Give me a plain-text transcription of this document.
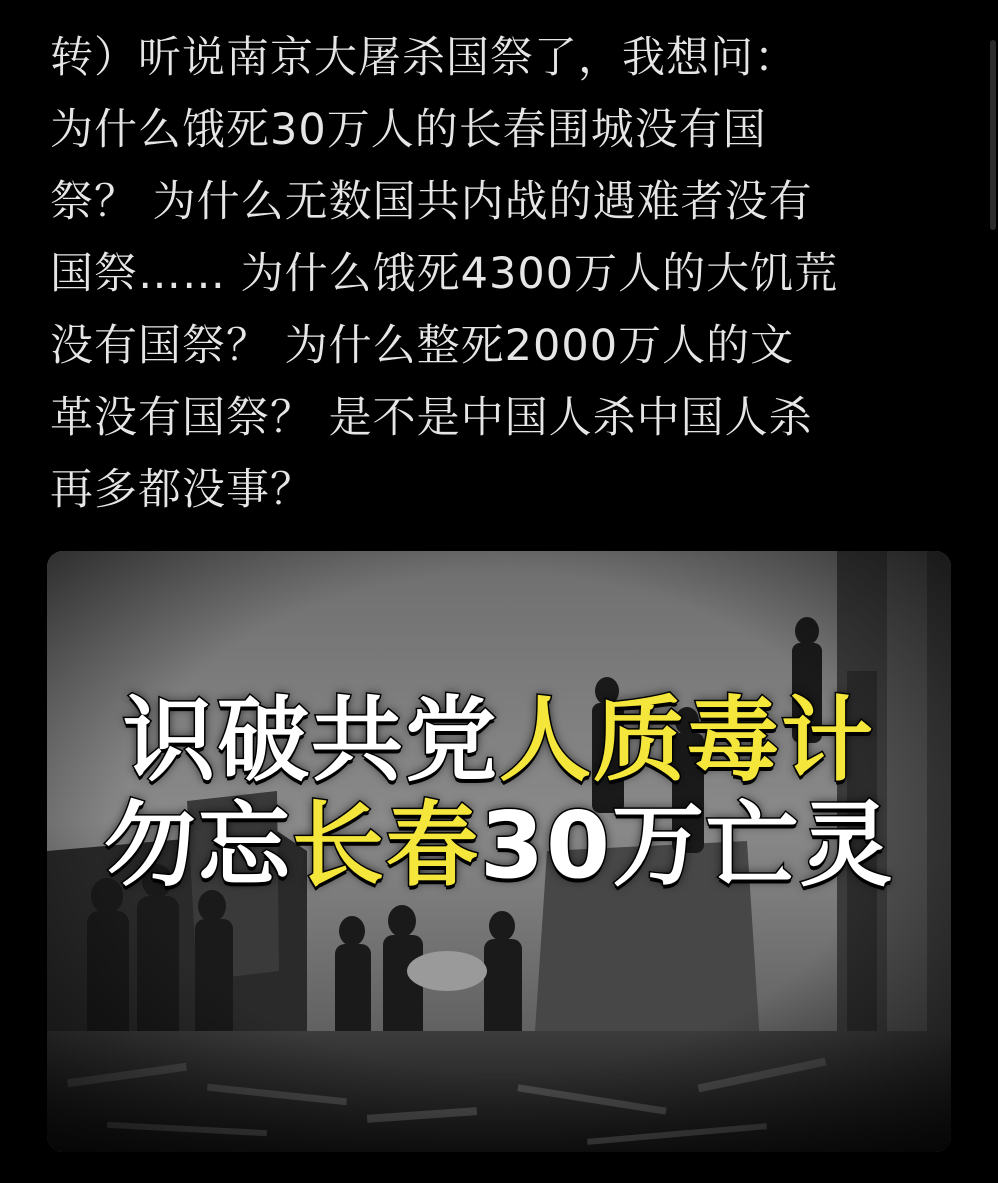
转）听说南京大屠杀国祭了，我想问：
为什么饿死30万人的长春围城没有国
祭？ 为什么无数国共内战的遇难者没有
国祭…… 为什么饿死4300万人的大饥荒
没有国祭？ 为什么整死2000万人的文
革没有国祭？ 是不是中国人杀中国人杀
再多都没事？

识破共党人质毒计
勿忘长春30万亡灵
